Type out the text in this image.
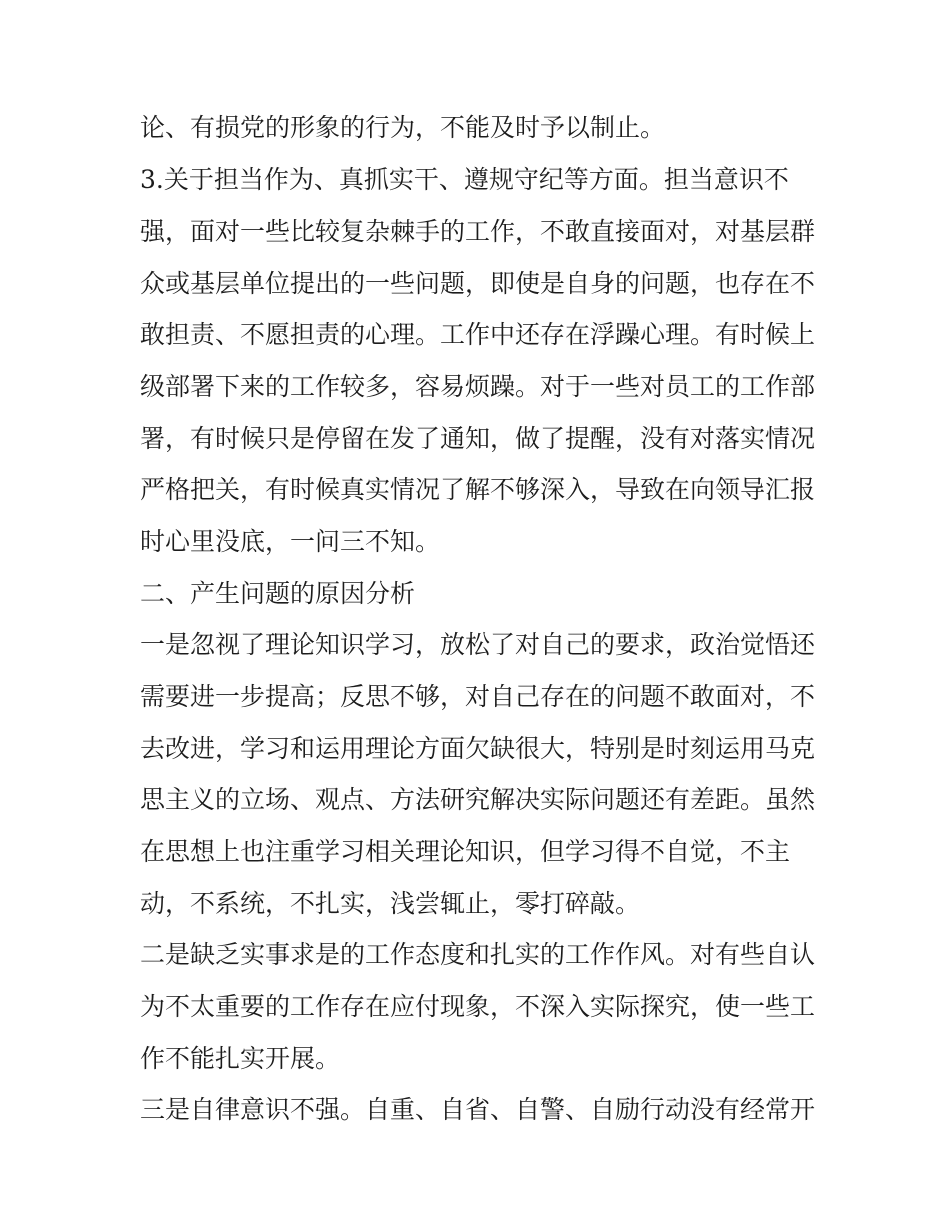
论、有损党的形象的行为，不能及时予以制止。
3.关于担当作为、真抓实干、遵规守纪等方面。担当意识不
强，面对一些比较复杂棘手的工作，不敢直接面对，对基层群
众或基层单位提出的一些问题，即使是自身的问题，也存在不
敢担责、不愿担责的心理。工作中还存在浮躁心理。有时候上
级部署下来的工作较多，容易烦躁。对于一些对员工的工作部
署，有时候只是停留在发了通知，做了提醒，没有对落实情况
严格把关，有时候真实情况了解不够深入，导致在向领导汇报
时心里没底，一问三不知。
二、产生问题的原因分析
一是忽视了理论知识学习，放松了对自己的要求，政治觉悟还
需要进一步提高；反思不够，对自己存在的问题不敢面对，不
去改进，学习和运用理论方面欠缺很大，特别是时刻运用马克
思主义的立场、观点、方法研究解决实际问题还有差距。虽然
在思想上也注重学习相关理论知识，但学习得不自觉，不主
动，不系统，不扎实，浅尝辄止，零打碎敲。
二是缺乏实事求是的工作态度和扎实的工作作风。对有些自认
为不太重要的工作存在应付现象，不深入实际探究，使一些工
作不能扎实开展。
三是自律意识不强。自重、自省、自警、自励行动没有经常开
